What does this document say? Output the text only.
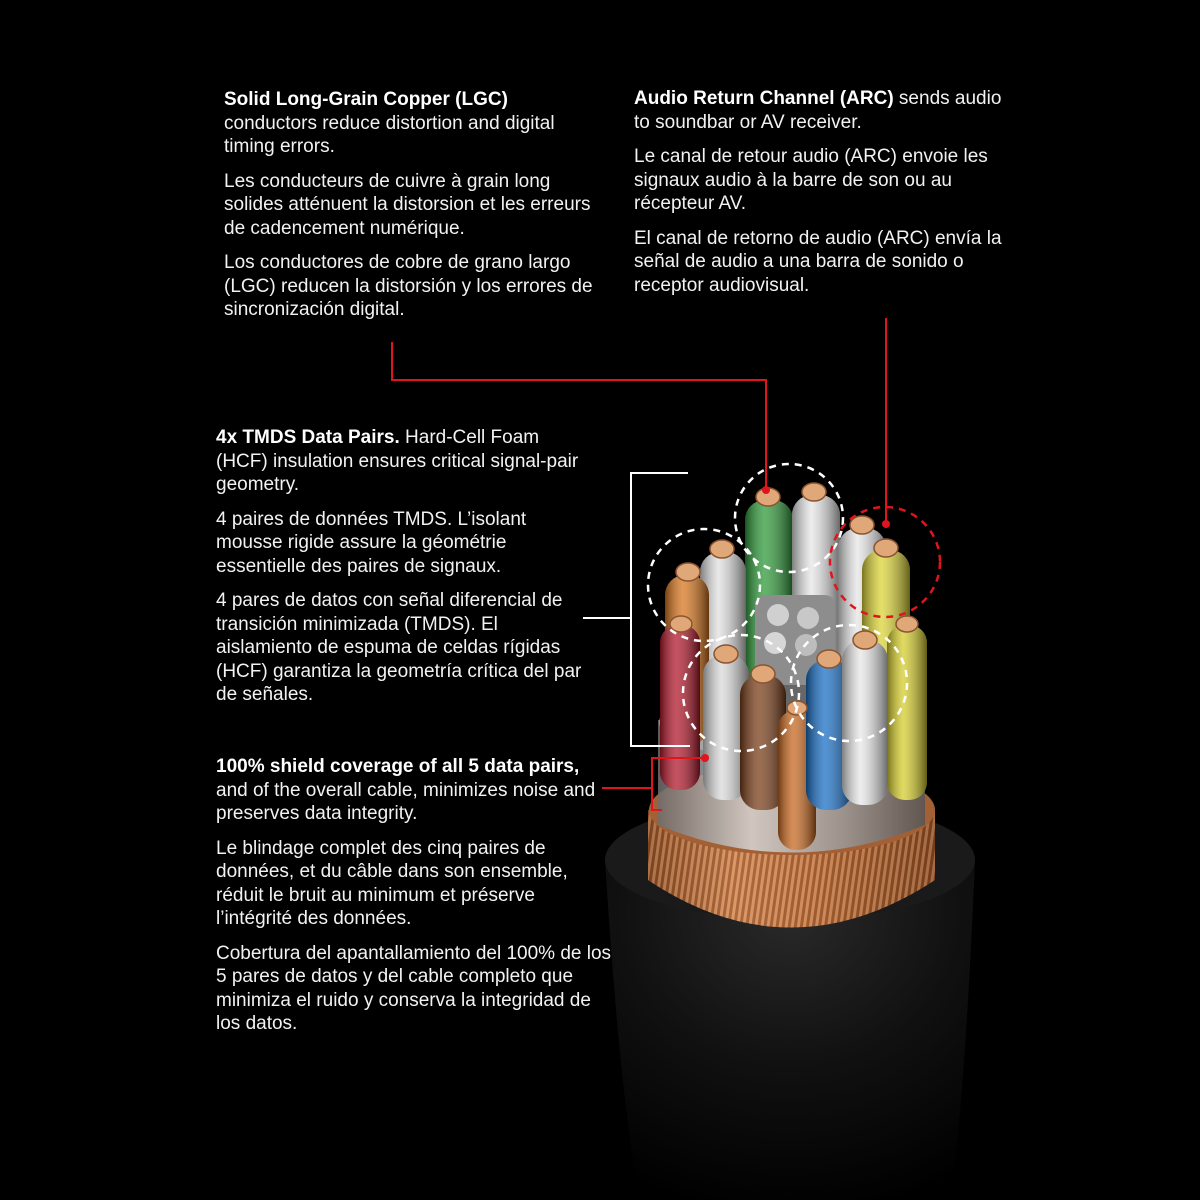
Solid Long-Grain Copper (LGC) conductors reduce distortion and digital timing errors.

Les conducteurs de cuivre à grain long solides atténuent la distorsion et les erreurs de cadencement numérique.

Los conductores de cobre de grano largo (LGC) reducen la distorsión y los errores de sincronización digital.

Audio Return Channel (ARC) sends audio to soundbar or AV receiver.

Le canal de retour audio (ARC) envoie les signaux audio à la barre de son ou au récepteur AV.

El canal de retorno de audio (ARC) envía la señal de audio a una barra de sonido o receptor audiovisual.

4x TMDS Data Pairs. Hard-Cell Foam (HCF) insulation ensures critical signal-pair geometry.

4 paires de données TMDS. L’isolant mousse rigide assure la géométrie essentielle des paires de signaux.

4 pares de datos con señal diferencial de transición minimizada (TMDS). El aislamiento de espuma de celdas rígidas (HCF) garantiza la geometría crítica del par de señales.

100% shield coverage of all 5 data pairs, and of the overall cable, minimizes noise and preserves data integrity.

Le blindage complet des cinq paires de données, et du câble dans son ensemble, réduit le bruit au minimum et préserve l’intégrité des données.

Cobertura del apantallamiento del 100% de los 5 pares de datos y del cable completo que minimiza el ruido y conserva la integridad de los datos.
